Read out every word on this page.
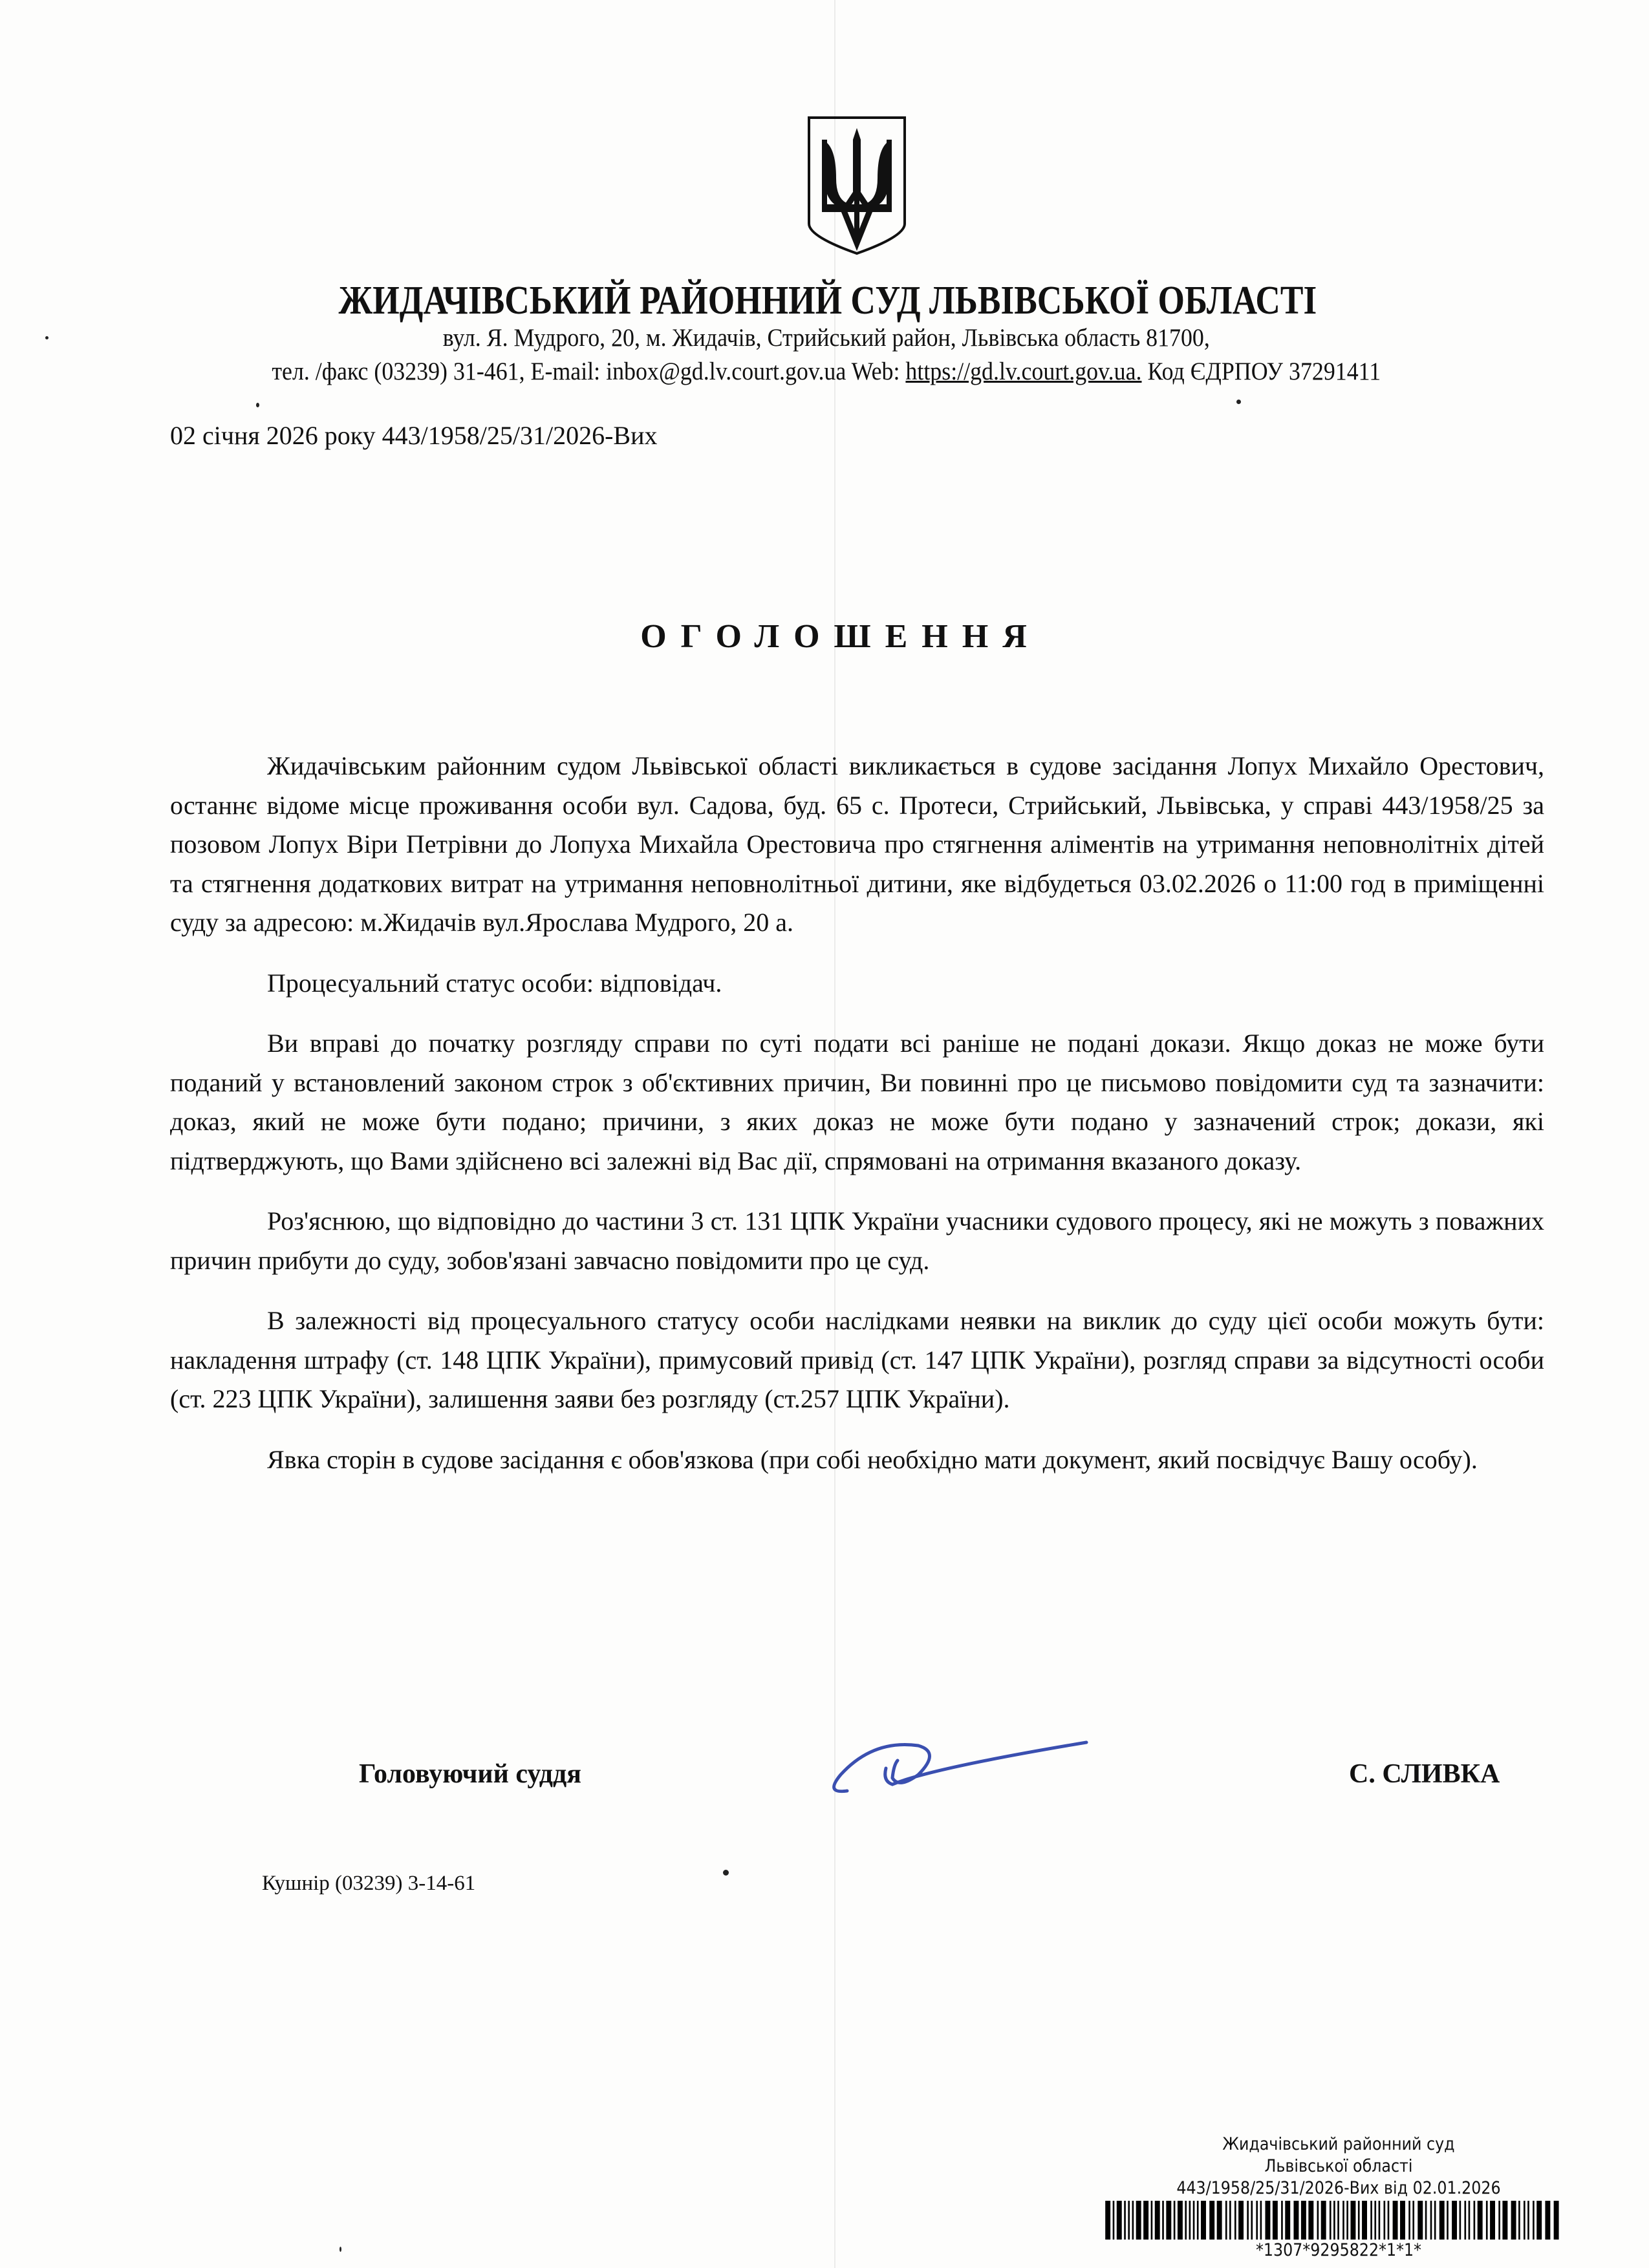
ЖИДАЧІВСЬКИЙ РАЙОННИЙ СУД ЛЬВІВСЬКОЇ ОБЛАСТІ
вул. Я. Мудрого, 20, м. Жидачів, Стрийський район, Львівська область 81700,
тел. /факс (03239) 31-461, E-mail: inbox@gd.lv.court.gov.ua Web: https://gd.lv.court.gov.ua. Код ЄДРПОУ 37291411
02 січня 2026 року 443/1958/25/31/2026-Вих
ОГОЛОШЕННЯ

Жидачівським районним судом Львівської області викликається в судове засідання Лопух Михайло Орестович, останнє відоме місце проживання особи вул. Садова, буд. 65 с. Протеси, Стрийський, Львівська, у справі 443/1958/25 за позовом Лопух Віри Петрівни до Лопуха Михайла Орестовича про стягнення аліментів на утримання неповнолітніх дітей та стягнення додаткових витрат на утримання неповнолітньої дитини, яке відбудеться 03.02.2026 о 11:00 год в приміщенні суду за адресою: м.Жидачів вул.Ярослава Мудрого, 20 а.

Процесуальний статус особи: відповідач.

Ви вправі до початку розгляду справи по суті подати всі раніше не подані докази. Якщо доказ не може бути поданий у встановлений законом строк з об'єктивних причин, Ви повинні про це письмово повідомити суд та зазначити: доказ, який не може бути подано; причини, з яких доказ не може бути подано у зазначений строк; докази, які підтверджують, що Вами здійснено всі залежні від Вас дії, спрямовані на отримання вказаного доказу.

Роз'яснюю, що відповідно до частини 3 ст. 131 ЦПК України учасники судового процесу, які не можуть з поважних причин прибути до суду, зобов'язані завчасно повідомити про це суд.

В залежності від процесуального статусу особи наслідками неявки на виклик до суду цієї особи можуть бути: накладення штрафу (ст. 148 ЦПК України), примусовий привід (ст. 147 ЦПК України), розгляд справи за відсутності особи (ст. 223 ЦПК України), залишення заяви без розгляду (ст.257 ЦПК України).

Явка сторін в судове засідання є обов'язкова (при собі необхідно мати документ, який посвідчує Вашу особу).

Головуючий суддя	С. СЛИВКА
Кушнір (03239) 3-14-61
Жидачівський районний суд
Львівської області
443/1958/25/31/2026-Вих від 02.01.2026
*1307*9295822*1*1*
